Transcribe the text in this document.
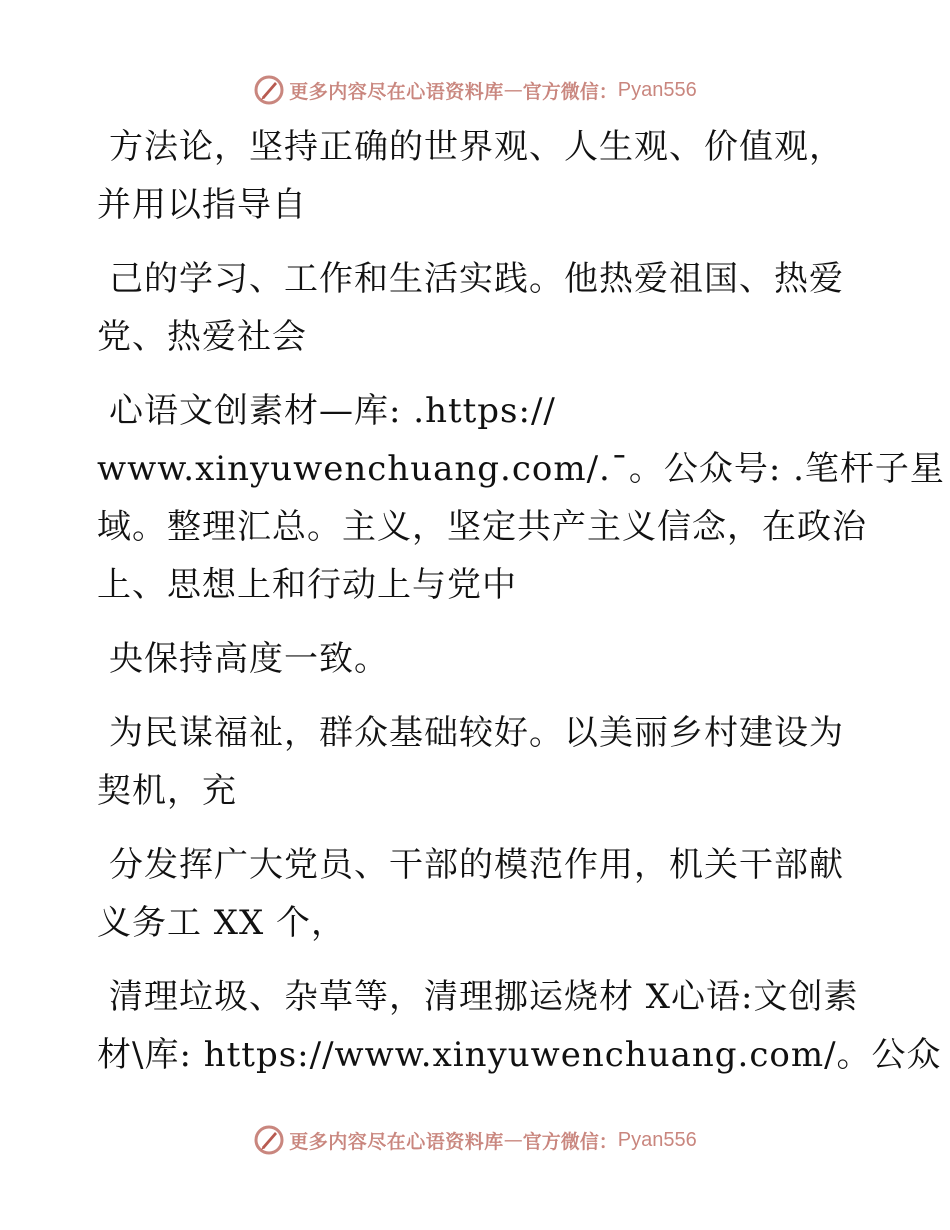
更多内容尽在心语资料库 — 官方微信： Pyan556
方法论，坚持正确的世界观、人生观、价值观，
并用以指导自
己的学习、工作和生活实践。他热爱祖国、热爱
党、热爱社会
心语文创素材—库: .https://
www.xinyuwenchuang.com/.¯。公众号: .笔杆子星
域。整理汇总。主义，坚定共产主义信念，在政治
上、思想上和行动上与党中
央保持高度一致。
为民谋福祉，群众基础较好。以美丽乡村建设为
契机，充
分发挥广大党员、干部的模范作用，机关干部献
义务工 XX 个，
清理垃圾、杂草等，清理挪运烧材 X心语:文创素
材\库: https://www.xinyuwenchuang.com/。公众
更多内容尽在心语资料库 — 官方微信： Pyan556
